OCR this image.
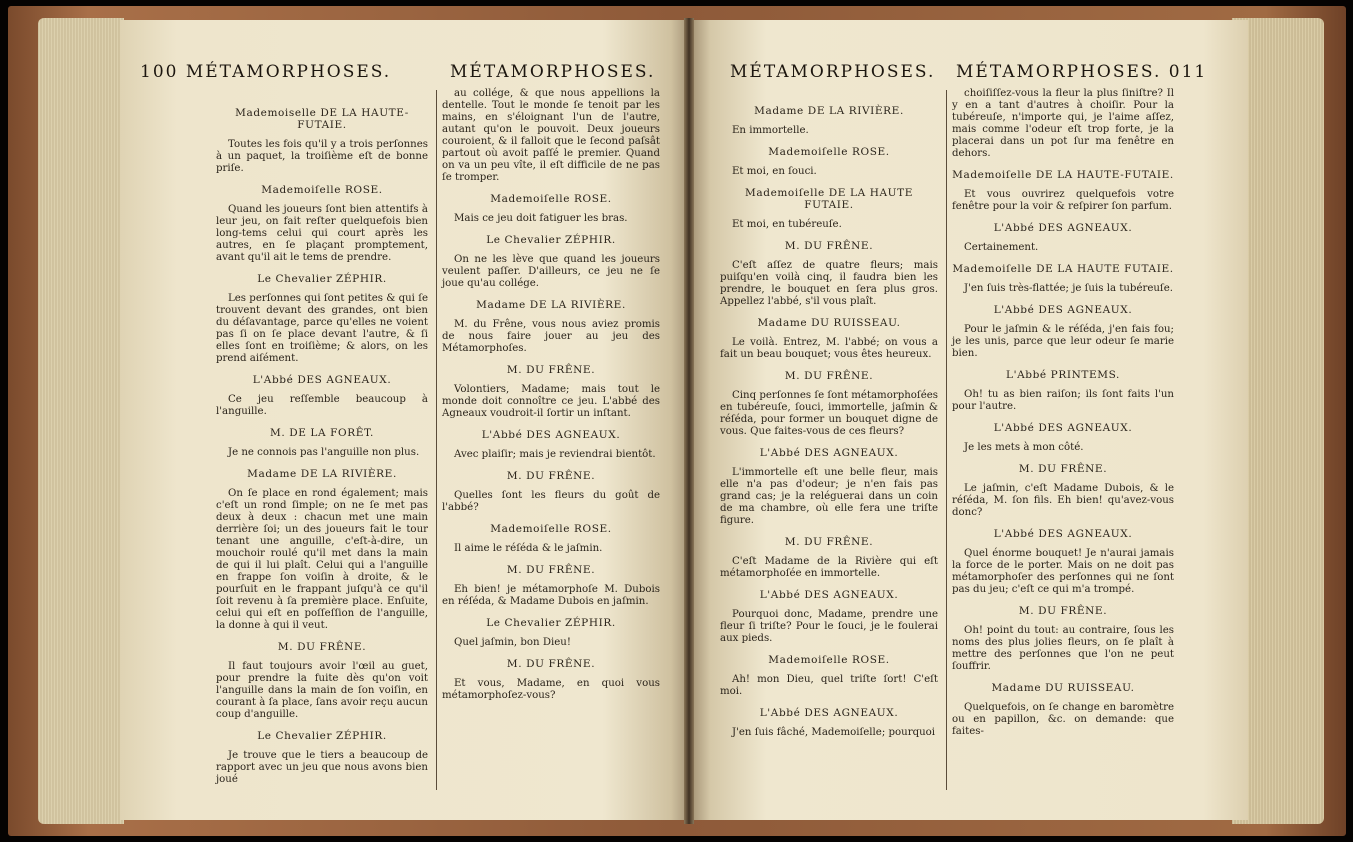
100 MÉTAMORPHOSES.	MÉTAMORPHOSES.

Mademoiselle DE LA HAUTE-FUTAIE.

Toutes les fois qu'il y a trois perſonnes à un paquet, la troiſième eſt de bonne priſe.

Mademoiſelle ROSE.

Quand les joueurs ſont bien attentifs à leur jeu, on fait reſter quelquefois bien long-tems celui qui court après les autres, en ſe plaçant promptement, avant qu'il ait le tems de prendre.

Le Chevalier ZÉPHIR.

Les perſonnes qui ſont petites & qui ſe trouvent devant des grandes, ont bien du déſavantage, parce qu'elles ne voient pas ſi on ſe place devant l'autre, & ſi elles ſont en troiſième; & alors, on les prend aiſément.

L'Abbé DES AGNEAUX.

Ce jeu reſſemble beaucoup à l'anguille.

M. DE LA FORÊT.

Je ne connois pas l'anguille non plus.

Madame DE LA RIVIÈRE.

On ſe place en rond également; mais c'eſt un rond ſimple; on ne ſe met pas deux à deux : chacun met une main derrière ſoi; un des joueurs fait le tour tenant une anguille, c'eſt-à-dire, un mouchoir roulé qu'il met dans la main de qui il lui plaît. Celui qui a l'anguille en frappe ſon voiſin à droite, & le pourſuit en le frappant juſqu'à ce qu'il ſoit revenu à ſa première place. Enſuite, celui qui eſt en poſſeſſion de l'anguille, la donne à qui il veut.

M. DU FRÊNE.

Il faut toujours avoir l'œil au guet, pour prendre la fuite dès qu'on voit l'anguille dans la main de ſon voiſin, en courant à ſa place, ſans avoir reçu aucun coup d'anguille.

Le Chevalier ZÉPHIR.

Je trouve que le tiers a beaucoup de rapport avec un jeu que nous avons bien joué

au collége, & que nous appellions la dentelle. Tout le monde ſe tenoit par les mains, en s'éloignant l'un de l'autre, autant qu'on le pouvoit. Deux joueurs couroient, & il falloit que le ſecond paſsât partout où avoit paſſé le premier. Quand on va un peu vîte, il eſt difficile de ne pas ſe tromper.

Mademoiſelle ROSE.

Mais ce jeu doit fatiguer les bras.

Le Chevalier ZÉPHIR.

On ne les lève que quand les joueurs veulent paſſer. D'ailleurs, ce jeu ne ſe joue qu'au collége.

Madame DE LA RIVIÈRE.

M. du Frêne, vous nous aviez promis de nous faire jouer au jeu des Métamorphoſes.

M. DU FRÊNE.

Volontiers, Madame; mais tout le monde doit connoître ce jeu. L'abbé des Agneaux voudroit-il ſortir un inſtant.

L'Abbé DES AGNEAUX.

Avec plaiſir; mais je reviendrai bientôt.

M. DU FRÊNE.

Quelles ſont les fleurs du goût de l'abbé?

Mademoiſelle ROSE.

Il aime le réſéda & le jaſmin.

M. DU FRÊNE.

Eh bien! je métamorphoſe M. Dubois en réſéda, & Madame Dubois en jaſmin.

Le Chevalier ZÉPHIR.

Quel jaſmin, bon Dieu!

M. DU FRÊNE.

Et vous, Madame, en quoi vous métamorphoſez-vous?

MÉTAMORPHOSES. MÉTAMORPHOSES. 011

Madame DE LA RIVIÈRE.

En immortelle.

Mademoiſelle ROSE.

Et moi, en ſouci.

Mademoiſelle DE LA HAUTE FUTAIE.

Et moi, en tubéreuſe.

M. DU FRÊNE.

C'eſt aſſez de quatre fleurs; mais puiſqu'en voilà cinq, il faudra bien les prendre, le bouquet en ſera plus gros. Appellez l'abbé, s'il vous plaît.

Madame DU RUISSEAU.

Le voilà. Entrez, M. l'abbé; on vous a fait un beau bouquet; vous êtes heureux.

M. DU FRÊNE.

Cinq perſonnes ſe ſont métamorphoſées en tubéreuſe, ſouci, immortelle, jaſmin & réſéda, pour former un bouquet digne de vous. Que faites-vous de ces fleurs?

L'Abbé DES AGNEAUX.

L'immortelle eſt une belle fleur, mais elle n'a pas d'odeur; je n'en fais pas grand cas; je la reléguerai dans un coin de ma chambre, où elle fera une triſte figure.

M. DU FRÊNE.

C'eſt Madame de la Rivière qui eſt métamorphoſée en immortelle.

L'Abbé DES AGNEAUX.

Pourquoi donc, Madame, prendre une fleur ſi triſte? Pour le ſouci, je le foulerai aux pieds.

Mademoiſelle ROSE.

Ah! mon Dieu, quel triſte ſort! C'eſt moi.

L'Abbé DES AGNEAUX.

J'en ſuis fâché, Mademoiſelle; pourquoi

choiſiſſez-vous la fleur la plus ſiniſtre? Il y en a tant d'autres à choiſir. Pour la tubéreuſe, n'importe qui, je l'aime aſſez, mais comme l'odeur eſt trop forte, je la placerai dans un pot ſur ma fenêtre en dehors.

Mademoiſelle DE LA HAUTE-FUTAIE.

Et vous ouvrirez quelquefois votre fenêtre pour la voir & reſpirer ſon parfum.

L'Abbé DES AGNEAUX.

Certainement.

Mademoiſelle DE LA HAUTE FUTAIE.

J'en ſuis très-flattée; je ſuis la tubéreuſe.

L'Abbé DES AGNEAUX.

Pour le jaſmin & le réſéda, j'en fais fou; je les unis, parce que leur odeur ſe marie bien.

L'Abbé PRINTEMS.

Oh! tu as bien raiſon; ils ſont faits l'un pour l'autre.

L'Abbé DES AGNEAUX.

Je les mets à mon côté.

M. DU FRÊNE.

Le jaſmin, c'eſt Madame Dubois, & le réſéda, M. ſon fils. Eh bien! qu'avez-vous donc?

L'Abbé DES AGNEAUX.

Quel énorme bouquet! Je n'aurai jamais la force de le porter. Mais on ne doit pas métamorphoſer des perſonnes qui ne ſont pas du jeu; c'eſt ce qui m'a trompé.

M. DU FRÊNE.

Oh! point du tout: au contraire, ſous les noms des plus jolies fleurs, on ſe plaît à mettre des perſonnes que l'on ne peut ſouffrir.

Madame DU RUISSEAU.

Quelquefois, on ſe change en baromètre ou en papillon, &c. on demande: que faites-
